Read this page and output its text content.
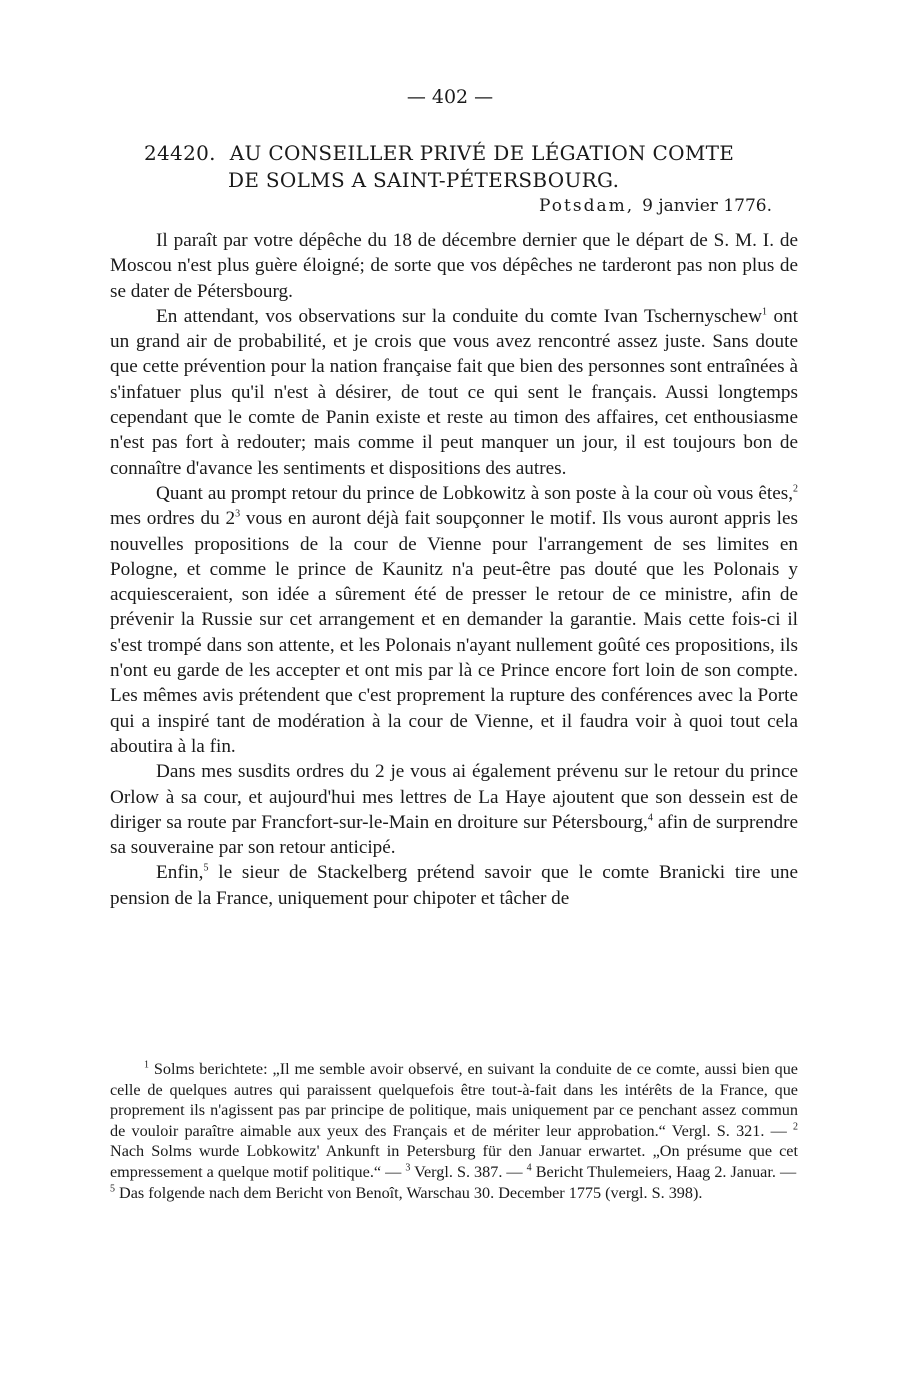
— 402 —
24420. AU CONSEILLER PRIVÉ DE LÉGATION COMTE
DE SOLMS A SAINT-PÉTERSBOURG.
Potsdam, 9 janvier 1776.

Il paraît par votre dépêche du 18 de décembre dernier que le départ de S. M. I. de Moscou n'est plus guère éloigné; de sorte que vos dépêches ne tarderont pas non plus de se dater de Pétersbourg.

En attendant, vos observations sur la conduite du comte Ivan Tschernyschew$^1$ ont un grand air de probabilité, et je crois que vous avez rencontré assez juste. Sans doute que cette prévention pour la nation française fait que bien des personnes sont entraînées à s'infatuer plus qu'il n'est à désirer, de tout ce qui sent le français. Aussi longtemps cependant que le comte de Panin existe et reste au timon des affaires, cet enthousiasme n'est pas fort à redouter; mais comme il peut manquer un jour, il est toujours bon de connaître d'avance les sentiments et dispositions des autres.

Quant au prompt retour du prince de Lobkowitz à son poste à la cour où vous êtes,$^2$ mes ordres du $2^3$ vous en auront déjà fait soupçonner le motif. Ils vous auront appris les nouvelles propositions de la cour de Vienne pour l'arrangement de ses limites en Pologne, et comme le prince de Kaunitz n'a peut-être pas douté que les Polonais y acquiesceraient, son idée a sûrement été de presser le retour de ce ministre, afin de prévenir la Russie sur cet arrangement et en demander la garantie. Mais cette fois-ci il s'est trompé dans son attente, et les Polonais n'ayant nullement goûté ces propositions, ils n'ont eu garde de les accepter et ont mis par là ce Prince encore fort loin de son compte. Les mêmes avis prétendent que c'est proprement la rupture des conférences avec la Porte qui a inspiré tant de modération à la cour de Vienne, et il faudra voir à quoi tout cela aboutira à la fin.

Dans mes susdits ordres du 2 je vous ai également prévenu sur le retour du prince Orlow à sa cour, et aujourd'hui mes lettres de La Haye ajoutent que son dessein est de diriger sa route par Francfort-sur-le-Main en droiture sur Pétersbourg,$^4$ afin de surprendre sa souveraine par son retour anticipé.

Enfin,$^5$ le sieur de Stackelberg prétend savoir que le comte Branicki tire une pension de la France, uniquement pour chipoter et tâcher de

$^1$ Solms berichtete: „Il me semble avoir observé, en suivant la conduite de ce comte, aussi bien que celle de quelques autres qui paraissent quelquefois être tout-à-fait dans les intérêts de la France, que proprement ils n'agissent pas par principe de politique, mais uniquement par ce penchant assez commun de vouloir paraître aimable aux yeux des Français et de mériter leur approbation.“ Vergl. S. 321. — $^2$ Nach Solms wurde Lobkowitz' Ankunft in Petersburg für den Januar erwartet. „On présume que cet empressement a quelque motif politique.“ — $^3$ Vergl. S. 387. — $^4$ Bericht Thulemeiers, Haag 2. Januar. —
$^5$ Das folgende nach dem Bericht von Benoît, Warschau 30. December 1775 (vergl. S. 398).
